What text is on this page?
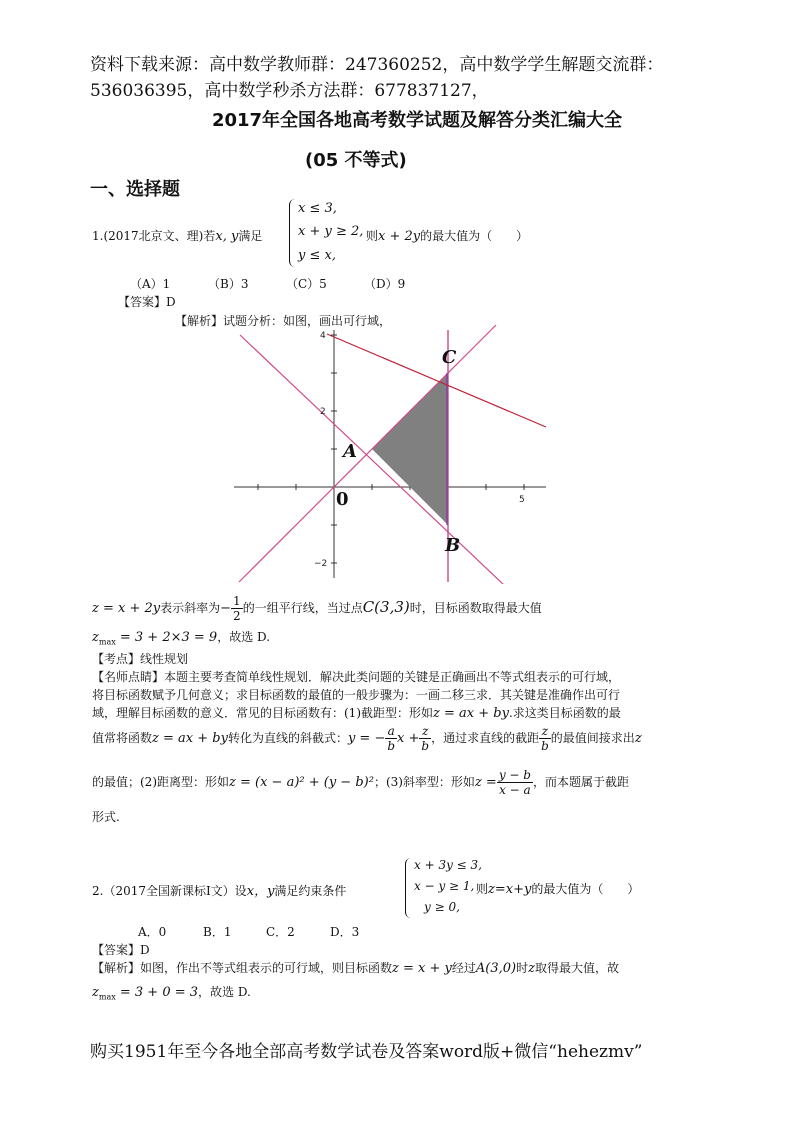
资料下载来源：高中数学教师群：247360252，高中数学学生解题交流群：
536036395，高中数学秒杀方法群：677837127，
2017年全国各地高考数学试题及解答分类汇编大全
(05 不等式)
一、选择题
1.(2017北京文、理)若x, y满足
x ≤ 3,
x + y ≥ 2,
y ≤ x,
则x + 2y的最大值为（　　）
（A）1	（B）3	（C）5	（D）9
【答案】D
【解析】试题分析：如图，画出可行域，
5
4
2
−2
0
A
B
C
z = x + 2y表示斜率为− $\frac{1}{2}$ 的一组平行线，当过点C(3,3)时，目标函数取得最大值
$z_{max} = 3 + 2\times 3 = 9$，故选 D.
【考点】线性规划
【名师点睛】本题主要考查简单线性规划．解决此类问题的关键是正确画出不等式组表示的可行域，
将目标函数赋予几何意义；求目标函数的最值的一般步骤为：一画二移三求．其关键是准确作出可行
域，理解目标函数的意义．常见的目标函数有：(1)截距型：形如z = ax + by.求这类目标函数的最
值常将函数z = ax + by转化为直线的斜截式：y = − $\frac{a}{b}$ $x + \frac{z}{b}$ ，通过求直线的截距 $\frac{z}{b}$ 的最值间接求出z
的最值；(2)距离型：形如z = (x − a)² + (y − b)²；(3)斜率型：形如$z = \frac{y - b}{x - a}$ ，而本题属于截距
形式.
2.（2017全国新课标Ⅰ文）设x，y满足约束条件
x + 3y ≤ 3,
x − y ≥ 1,
y ≥ 0,
则z=x+y的最大值为（　　）
A．0	B．1	C．2	D．3
【答案】D
【解析】如图，作出不等式组表示的可行域，则目标函数z = x + y经过A(3,0)时z取得最大值，故
$z_{max} = 3 + 0 = 3$，故选 D.
购买1951年至今各地全部高考数学试卷及答案word版+微信“hehezmv”
